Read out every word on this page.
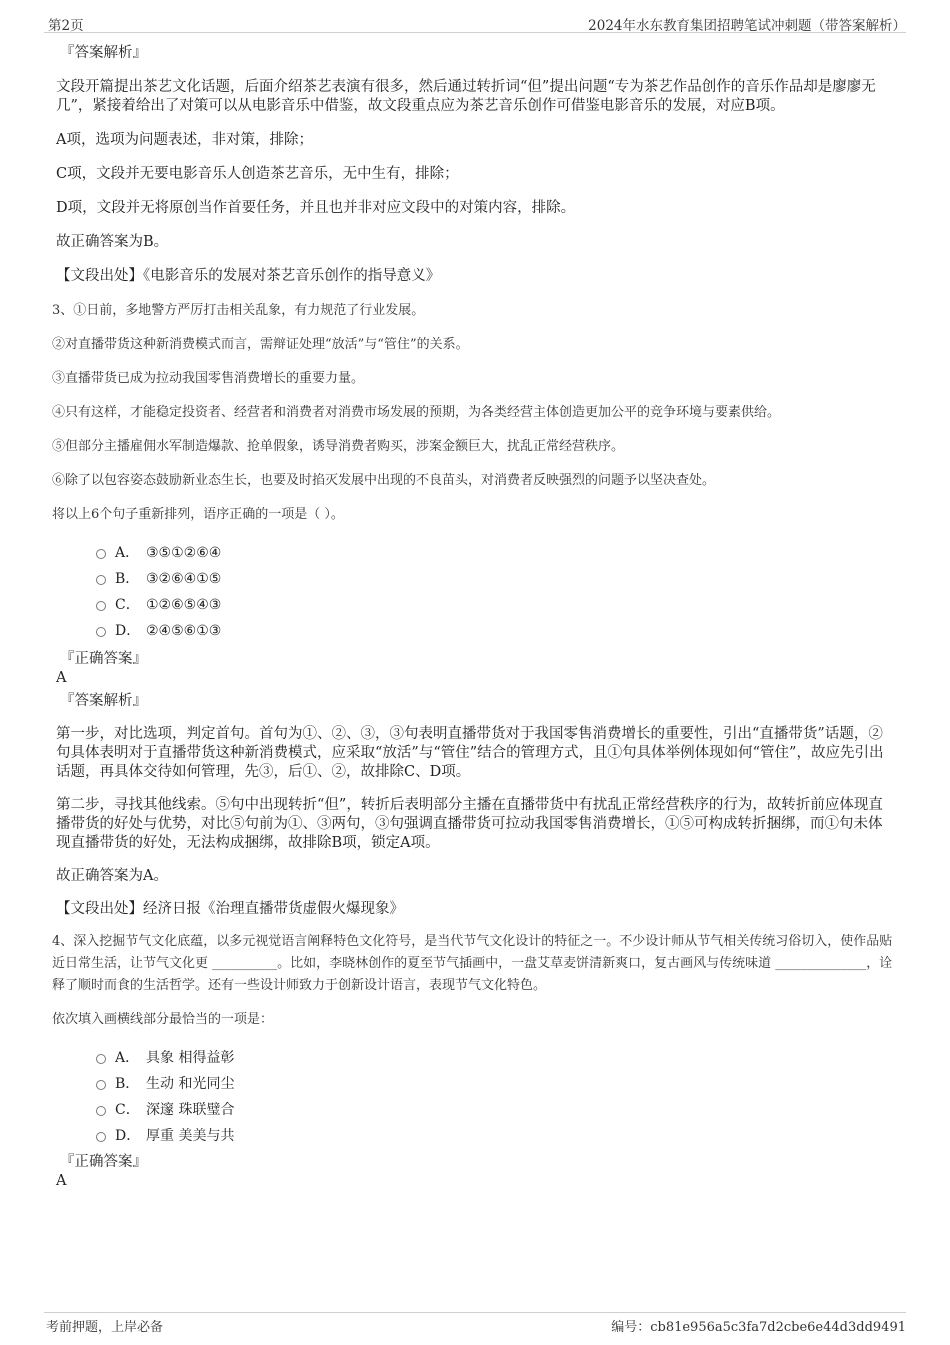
第2页	2024年水东教育集团招聘笔试冲刺题（带答案解析）
『答案解析』

文段开篇提出茶艺文化话题，后面介绍茶艺表演有很多，然后通过转折词“但”提出问题“专为茶艺作品创作的音乐作品却是廖廖无几”，紧接着给出了对策可以从电影音乐中借鉴，故文段重点应为茶艺音乐创作可借鉴电影音乐的发展，对应B项。

A项，选项为问题表述，非对策，排除；

C项，文段并无要电影音乐人创造茶艺音乐，无中生有，排除；

D项，文段并无将原创当作首要任务，并且也并非对应文段中的对策内容，排除。

故正确答案为B。

【文段出处】《电影音乐的发展对茶艺音乐创作的指导意义》

3、①日前，多地警方严厉打击相关乱象，有力规范了行业发展。

②对直播带货这种新消费模式而言，需辩证处理“放活”与“管住”的关系。

③直播带货已成为拉动我国零售消费增长的重要力量。

④只有这样，才能稳定投资者、经营者和消费者对消费市场发展的预期，为各类经营主体创造更加公平的竞争环境与要素供给。

⑤但部分主播雇佣水军制造爆款、抢单假象，诱导消费者购买，涉案金额巨大，扰乱正常经营秩序。

⑥除了以包容姿态鼓励新业态生长，也要及时掐灭发展中出现的不良苗头，对消费者反映强烈的问题予以坚决查处。

将以上6个句子重新排列，语序正确的一项是（ ）。

A． ③⑤①②⑥④
B． ③②⑥④①⑤
C． ①②⑥⑤④③
D． ②④⑤⑥①③
『正确答案』
A
『答案解析』

第一步，对比选项，判定首句。首句为①、②、③，③句表明直播带货对于我国零售消费增长的重要性，引出“直播带货”话题，②句具体表明对于直播带货这种新消费模式，应采取“放活”与“管住”结合的管理方式，且①句具体举例体现如何“管住”，故应先引出话题，再具体交待如何管理，先③，后①、②，故排除C、D项。

第二步，寻找其他线索。⑤句中出现转折“但”，转折后表明部分主播在直播带货中有扰乱正常经营秩序的行为，故转折前应体现直播带货的好处与优势，对比⑤句前为①、③两句，③句强调直播带货可拉动我国零售消费增长，①⑤可构成转折捆绑，而①句未体现直播带货的好处，无法构成捆绑，故排除B项，锁定A项。

故正确答案为A。

【文段出处】经济日报《治理直播带货虚假火爆现象》

4、深入挖掘节气文化底蕴，以多元视觉语言阐释特色文化符号，是当代节气文化设计的特征之一。不少设计师从节气相关传统习俗切入，使作品贴近日常生活，让节气文化更 __________。比如，李晓林创作的夏至节气插画中，一盘艾草麦饼清新爽口，复古画风与传统味道 ______________，诠释了顺时而食的生活哲学。还有一些设计师致力于创新设计语言，表现节气文化特色。

依次填入画横线部分最恰当的一项是：

A． 具象 相得益彰
B． 生动 和光同尘
C． 深邃 珠联璧合
D． 厚重 美美与共
『正确答案』
A
考前押题，上岸必备	编号：cb81e956a5c3fa7d2cbe6e44d3dd9491
